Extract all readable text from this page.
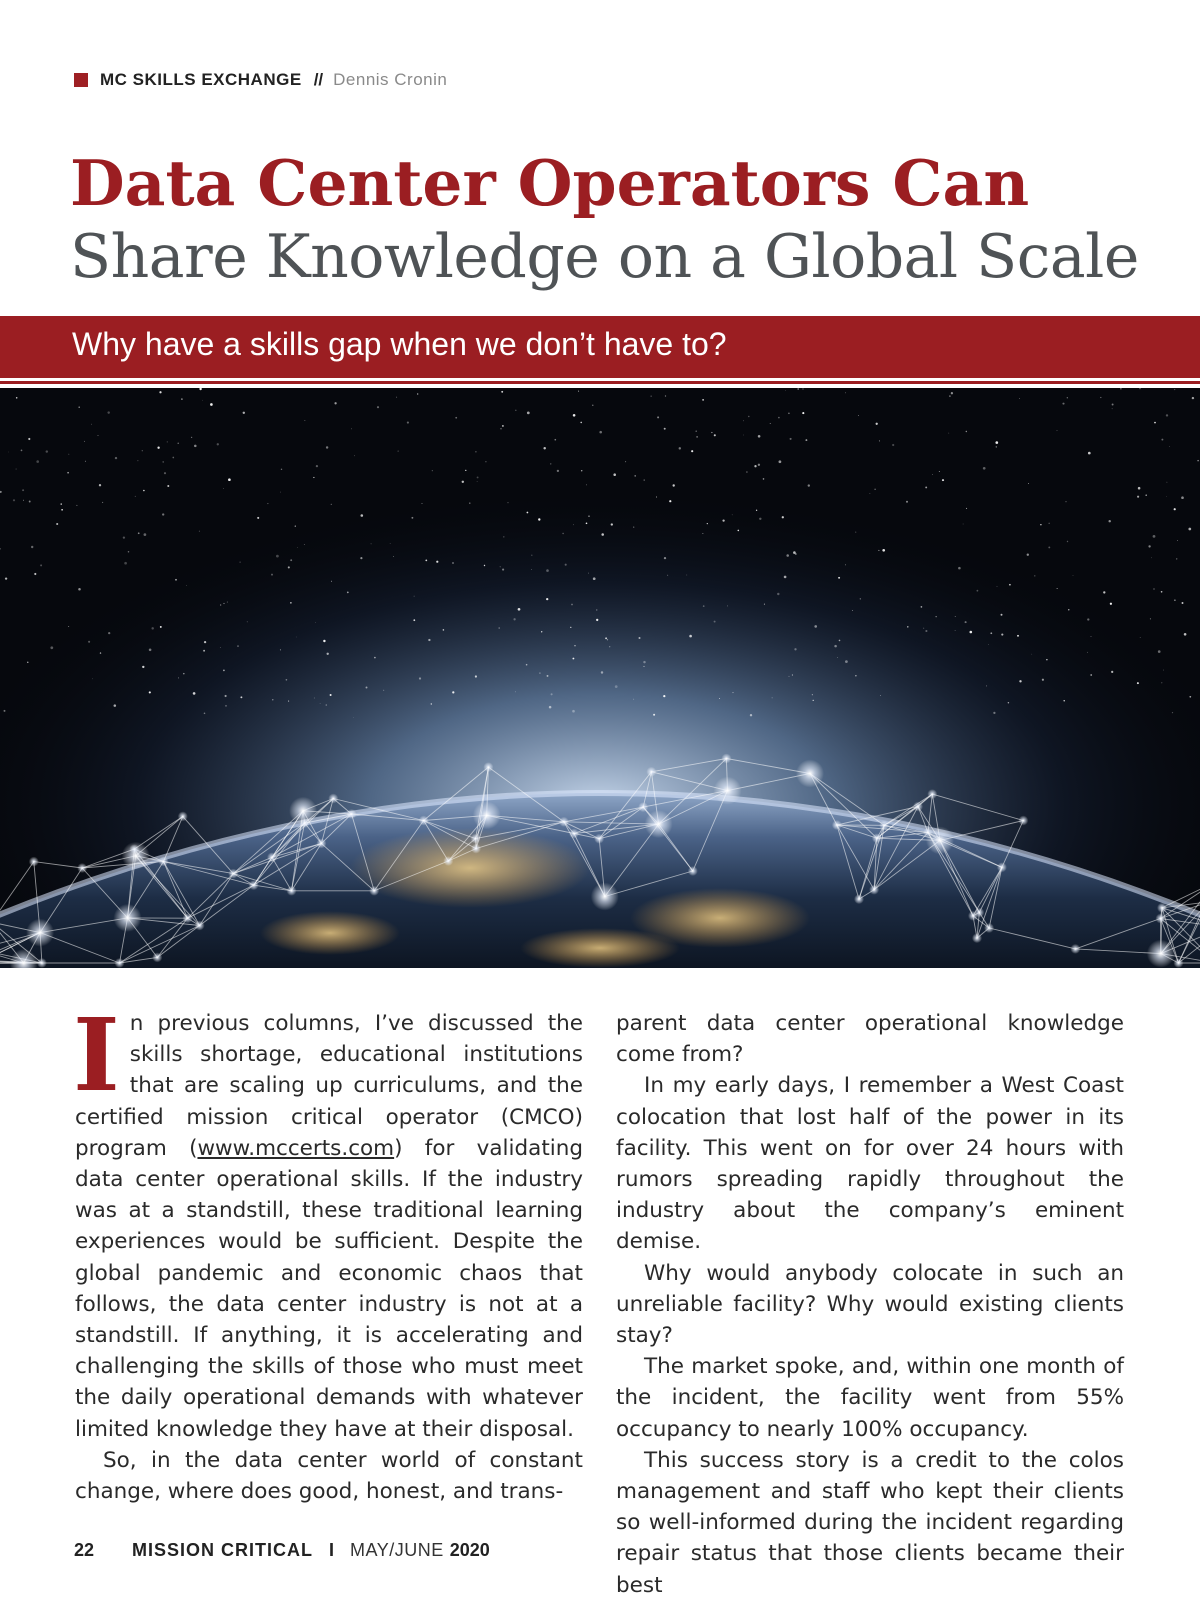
MC SKILLS EXCHANGE // Dennis Cronin
Data Center Operators Can
Share Knowledge on a Global Scale
Why have a skills gap when we don’t have to?

In previous columns, I’ve discussed the skills shortage, educational institutions that are scaling up curriculums, and the certified mission critical operator (CMCO) program (www.mccerts.com) for validating data center operational skills. If the industry was at a standstill, these traditional learning experiences would be sufficient. Despite the global pandemic and economic chaos that follows, the data center industry is not at a standstill. If anything, it is accelerating and challenging the skills of those who must meet the daily operational demands with whatever limited knowledge they have at their disposal.

So, in the data center world of constant change, where does good, honest, and trans-

parent data center operational knowledge come from?

In my early days, I remember a West Coast colocation that lost half of the power in its facility. This went on for over 24 hours with rumors spreading rapidly throughout the industry about the company’s eminent demise.

Why would anybody colocate in such an unreliable facility? Why would existing clients stay?

The market spoke, and, within one month of the incident, the facility went from 55% occupancy to nearly 100% occupancy.

This success story is a credit to the colos management and staff who kept their clients so well-informed during the incident regarding repair status that those clients became their best

22 MISSION CRITICAL I MAY/JUNE 2020
